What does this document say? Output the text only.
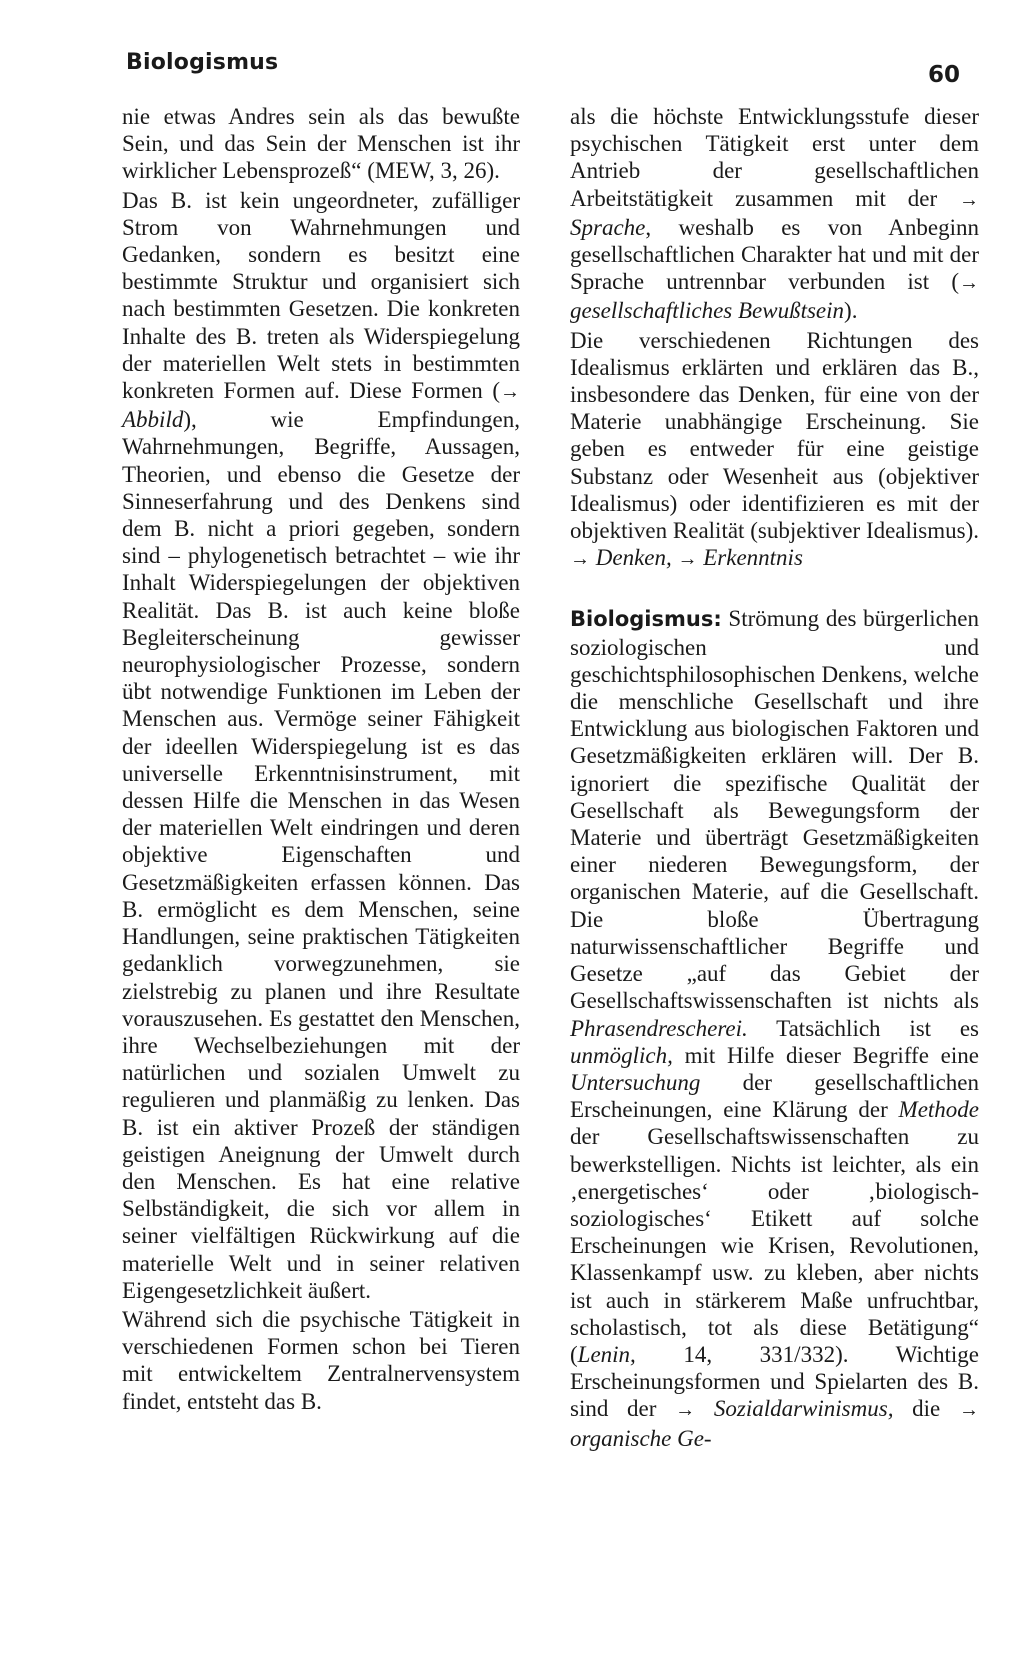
Biologismus	60

nie etwas Andres sein als das bewußte Sein, und das Sein der Menschen ist ihr wirklicher Lebensprozeß“ (MEW, 3, 26).

Das B. ist kein ungeordneter, zufälliger Strom von Wahrnehmungen und Gedanken, sondern es besitzt eine bestimmte Struktur und organisiert sich nach bestimmten Gesetzen. Die konkreten Inhalte des B. treten als Widerspiegelung der materiellen Welt stets in bestimmten konkreten Formen auf. Diese Formen (→ Abbild), wie Empfindungen, Wahrnehmungen, Begriffe, Aussagen, Theorien, und ebenso die Gesetze der Sinneserfahrung und des Denkens sind dem B. nicht a priori gegeben, sondern sind – phylogenetisch betrachtet – wie ihr Inhalt Widerspiegelungen der objektiven Realität. Das B. ist auch keine bloße Begleiterscheinung gewisser neurophysiologischer Prozesse, sondern übt notwendige Funktionen im Leben der Menschen aus. Vermöge seiner Fähigkeit der ideellen Widerspiegelung ist es das universelle Erkenntnisinstrument, mit dessen Hilfe die Menschen in das Wesen der materiellen Welt eindringen und deren objektive Eigenschaften und Gesetzmäßigkeiten erfassen können. Das B. ermöglicht es dem Menschen, seine Handlungen, seine praktischen Tätigkeiten gedanklich vorwegzunehmen, sie zielstrebig zu planen und ihre Resultate vorauszusehen. Es gestattet den Menschen, ihre Wechselbeziehungen mit der natürlichen und sozialen Umwelt zu regulieren und planmäßig zu lenken. Das B. ist ein aktiver Prozeß der ständigen geistigen Aneignung der Umwelt durch den Menschen. Es hat eine relative Selbständigkeit, die sich vor allem in seiner vielfältigen Rückwirkung auf die materielle Welt und in seiner relativen Eigengesetzlichkeit äußert.

Während sich die psychische Tätigkeit in verschiedenen Formen schon bei Tieren mit entwickeltem Zentralnervensystem findet, entsteht das B.

als die höchste Entwicklungsstufe dieser psychischen Tätigkeit erst unter dem Antrieb der gesellschaftlichen Arbeitstätigkeit zusammen mit der → Sprache, weshalb es von Anbeginn gesellschaftlichen Charakter hat und mit der Sprache untrennbar verbunden ist (→ gesellschaftliches Bewußtsein).

Die verschiedenen Richtungen des Idealismus erklärten und erklären das B., insbesondere das Denken, für eine von der Materie unabhängige Erscheinung. Sie geben es entweder für eine geistige Substanz oder Wesenheit aus (objektiver Idealismus) oder identifizieren es mit der objektiven Realität (subjektiver Idealismus). → Denken, → Erkenntnis

Biologismus: Strömung des bürgerlichen soziologischen und geschichtsphilosophischen Denkens, welche die menschliche Gesellschaft und ihre Entwicklung aus biologischen Faktoren und Gesetzmäßigkeiten erklären will. Der B. ignoriert die spezifische Qualität der Gesellschaft als Bewegungsform der Materie und überträgt Gesetzmäßigkeiten einer niederen Bewegungsform, der organischen Materie, auf die Gesellschaft. Die bloße Übertragung naturwissenschaftlicher Begriffe und Gesetze „auf das Gebiet der Gesellschaftswissenschaften ist nichts als Phrasendrescherei. Tatsächlich ist es unmöglich, mit Hilfe dieser Begriffe eine Untersuchung der gesellschaftlichen Erscheinungen, eine Klärung der Methode der Gesellschaftswissenschaften zu bewerkstelligen. Nichts ist leichter, als ein ‚energetisches‘ oder ‚biologisch-soziologisches‘ Etikett auf solche Erscheinungen wie Krisen, Revolutionen, Klassenkampf usw. zu kleben, aber nichts ist auch in stärkerem Maße unfruchtbar, scholastisch, tot als diese Betätigung“ (Lenin, 14, 331/332). Wichtige Erscheinungsformen und Spielarten des B. sind der → Sozialdarwinismus, die → organische Ge-
